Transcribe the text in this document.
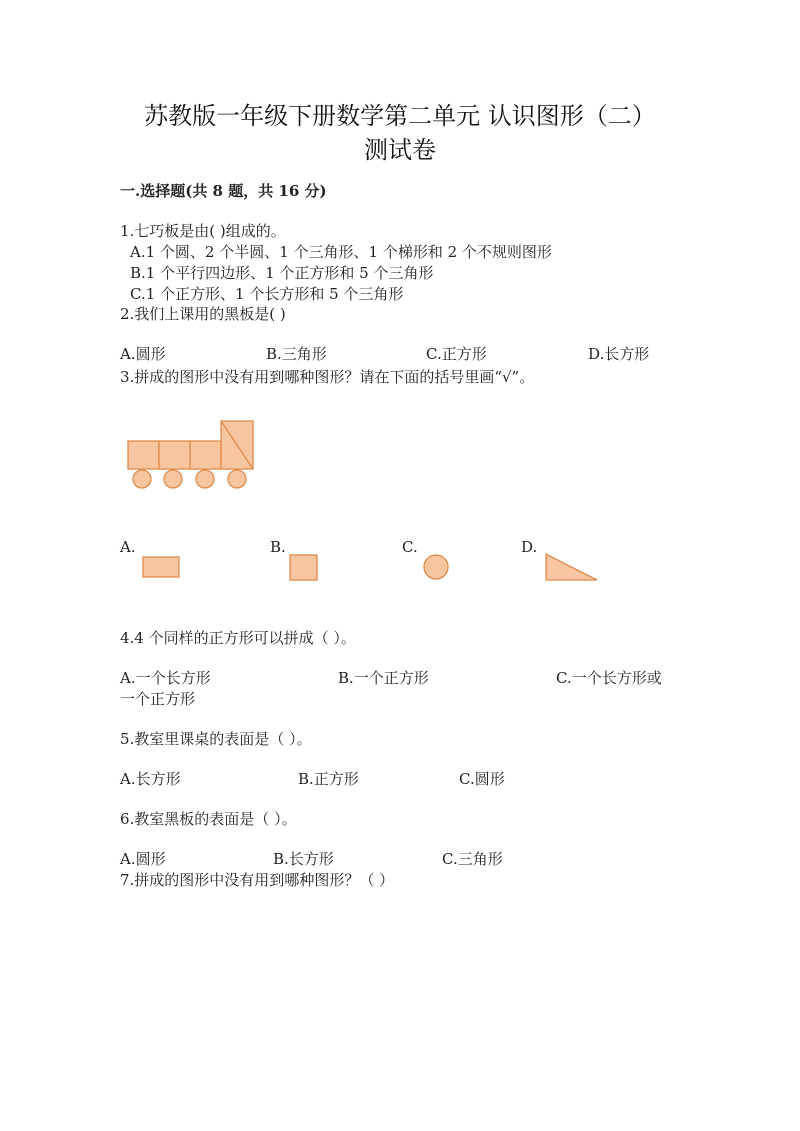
苏教版一年级下册数学第二单元 认识图形（二）
测试卷
一.选择题(共 8 题，共 16 分)
1.七巧板是由( )组成的。
A.1 个圆、2 个半圆、1 个三角形、1 个梯形和 2 个不规则图形
B.1 个平行四边形、1 个正方形和 5 个三角形
C.1 个正方形、1 个长方形和 5 个三角形
2.我们上课用的黑板是( )
A.圆形	B.三角形	C.正方形	D.长方形
3.拼成的图形中没有用到哪种图形？请在下面的括号里画“√”。
A.	B.	C.	D.
4.4 个同样的正方形可以拼成（ ）。
A.一个长方形	B.一个正方形	C.一个长方形或
一个正方形
5.教室里课桌的表面是（ ）。
A.长方形	B.正方形	C.圆形
6.教室黑板的表面是（ ）。
A.圆形	B.长方形	C.三角形
7.拼成的图形中没有用到哪种图形？（ ）
